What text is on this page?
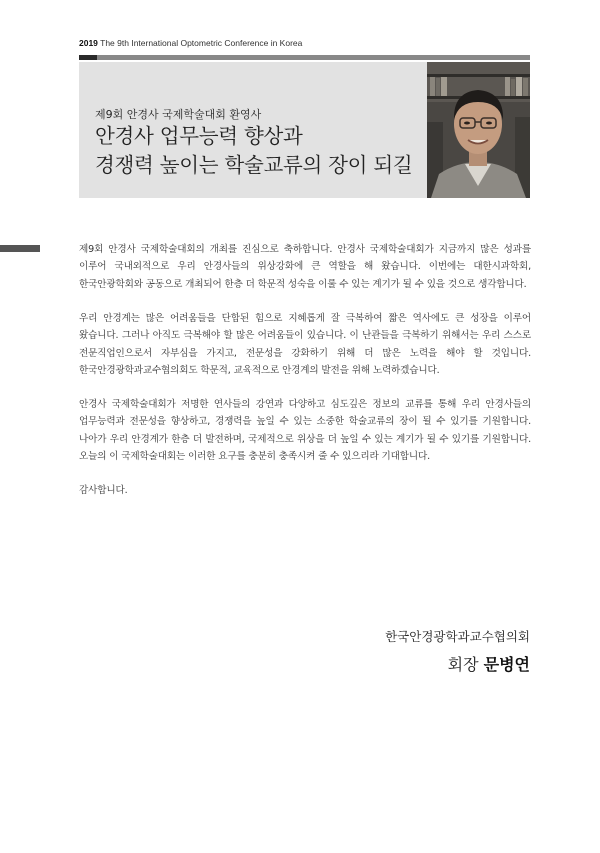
2019 The 9th International Optometric Conference in Korea
제9회 안경사 국제학술대회 환영사
안경사 업무능력 향상과
경쟁력 높이는 학술교류의 장이 되길

제9회 안경사 국제학술대회의 개최를 진심으로 축하합니다. 안경사 국제학술대회가 지금까지 많은 성과를 이루어 국내외적으로 우리 안경사들의 위상강화에 큰 역할을 해 왔습니다. 이번에는 대한시과학회, 한국안광학회와 공동으로 개최되어 한층 더 학문적 성숙을 이룰 수 있는 계기가 될 수 있을 것으로 생각합니다.

우리 안경계는 많은 어려움들을 단합된 힘으로 지혜롭게 잘 극복하여 짧은 역사에도 큰 성장을 이루어 왔습니다. 그러나 아직도 극복해야 할 많은 어려움들이 있습니다. 이 난관들을 극복하기 위해서는 우리 스스로 전문직업인으로서 자부심을 가지고, 전문성을 강화하기 위해 더 많은 노력을 해야 할 것입니다. 한국안경광학과교수협의회도 학문적, 교육적으로 안경계의 발전을 위해 노력하겠습니다.

안경사 국제학술대회가 저명한 연사들의 강연과 다양하고 심도깊은 정보의 교류를 통해 우리 안경사들의 업무능력과 전문성을 향상하고, 경쟁력을 높일 수 있는 소중한 학술교류의 장이 될 수 있기를 기원합니다. 나아가 우리 안경계가 한층 더 발전하며, 국제적으로 위상을 더 높일 수 있는 계기가 될 수 있기를 기원합니다. 오늘의 이 국제학술대회는 이러한 요구를 충분히 충족시켜 줄 수 있으리라 기대합니다.

감사합니다.

한국안경광학과교수협의회
회장 문병연
